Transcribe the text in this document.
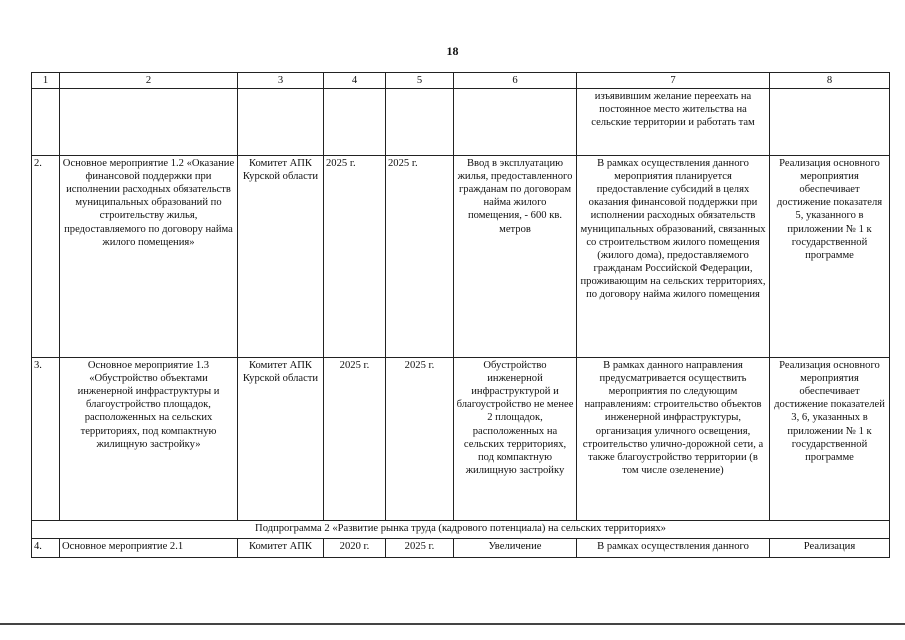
18
1	2	3	4	5	6	7	8
						изъявившим желание переехать на постоянное место жительства на сельские территории и работать там	
2.	Основное мероприятие 1.2 «Оказание финансовой поддержки при исполнении расходных обязательств муниципальных образований по строительству жилья, предоставляемого по договору найма жилого помещения»	Комитет АПК Курской области	2025 г.	2025 г.	Ввод в эксплуатацию жилья, предоставленного гражданам по договорам найма жилого помещения, - 600 кв. метров	В рамках осуществления данного мероприятия планируется предоставление субсидий в целях оказания финансовой поддержки при исполнении расходных обязательств муниципальных образований, связанных со строительством жилого помещения (жилого дома), предоставляемого гражданам Российской Федерации, проживающим на сельских территориях, по договору найма жилого помещения	Реализация основного мероприятия обеспечивает достижение показателя 5, указанного в приложении № 1 к государственной программе
3.	Основное мероприятие 1.3 «Обустройство объектами инженерной инфраструктуры и благоустройство площадок, расположенных на сельских территориях, под компактную жилищную застройку»	Комитет АПК Курской области	2025 г.	2025 г.	Обустройство инженерной инфраструктурой и благоустройство не менее 2 площадок, расположенных на сельских территориях, под компактную жилищную застройку	В рамках данного направления предусматривается осуществить мероприятия по следующим направлениям: строительство объектов инженерной инфраструктуры, организация уличного освещения, строительство улично-дорожной сети, а также благоустройство территории (в том числе озеленение)	Реализация основного мероприятия обеспечивает достижение показателей 3, 6, указанных в приложении № 1 к государственной программе
Подпрограмма 2 «Развитие рынка труда (кадрового потенциала) на сельских территориях»							
4.	Основное мероприятие 2.1	Комитет АПК	2020 г.	2025 г.	Увеличение	В рамках осуществления данного	Реализация
